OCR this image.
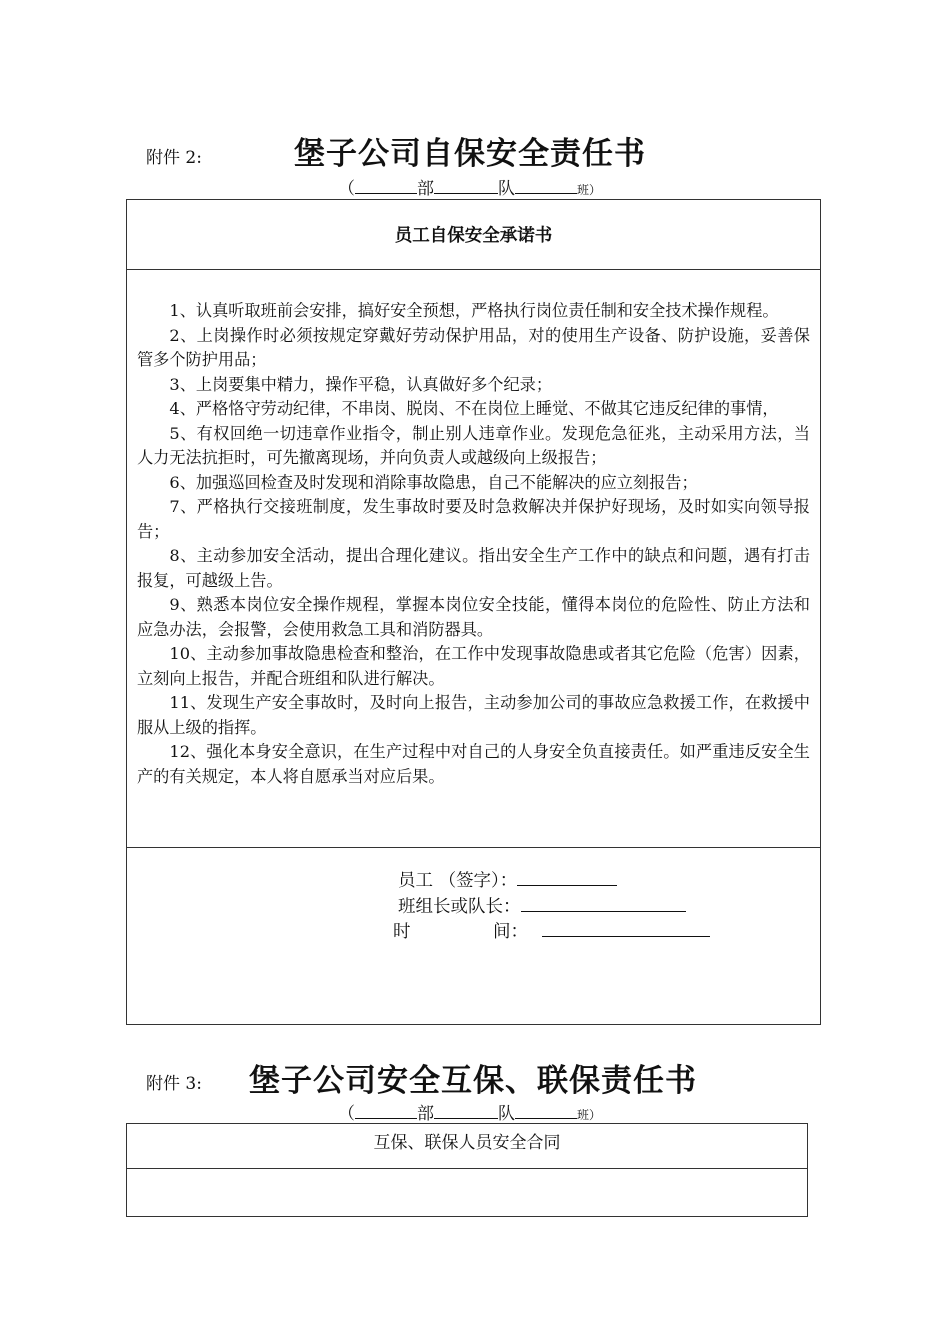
附件 2:	堡子公司自保安全责任书
（	部	队	班）
员工自保安全承诺书

1、认真听取班前会安排，搞好安全预想，严格执行岗位责任制和安全技术操作规程。

2、上岗操作时必须按规定穿戴好劳动保护用品，对的使用生产设备、防护设施，妥善保管多个防护用品；

3、上岗要集中精力，操作平稳，认真做好多个纪录；

4、严格恪守劳动纪律，不串岗、脱岗、不在岗位上睡觉、不做其它违反纪律的事情，

5、有权回绝一切违章作业指令，制止别人违章作业。发现危急征兆，主动采用方法，当人力无法抗拒时，可先撤离现场，并向负责人或越级向上级报告；

6、加强巡回检查及时发现和消除事故隐患，自己不能解决的应立刻报告；

7、严格执行交接班制度，发生事故时要及时急救解决并保护好现场，及时如实向领导报告；

8、主动参加安全活动，提出合理化建议。指出安全生产工作中的缺点和问题，遇有打击报复，可越级上告。

9、熟悉本岗位安全操作规程，掌握本岗位安全技能，懂得本岗位的危险性、防止方法和应急办法，会报警，会使用救急工具和消防器具。

10、主动参加事故隐患检查和整治，在工作中发现事故隐患或者其它危险（危害）因素，立刻向上报告，并配合班组和队进行解决。

11、发现生产安全事故时，及时向上报告，主动参加公司的事故应急救援工作，在救援中服从上级的指挥。

12、强化本身安全意识，在生产过程中对自己的人身安全负直接责任。如严重违反安全生产的有关规定，本人将自愿承当对应后果。

员工 （签字）：
班组长或队长：
时	间：
附件 3: 堡子公司安全互保、联保责任书
（	部	队	班）
互保、联保人员安全合同
